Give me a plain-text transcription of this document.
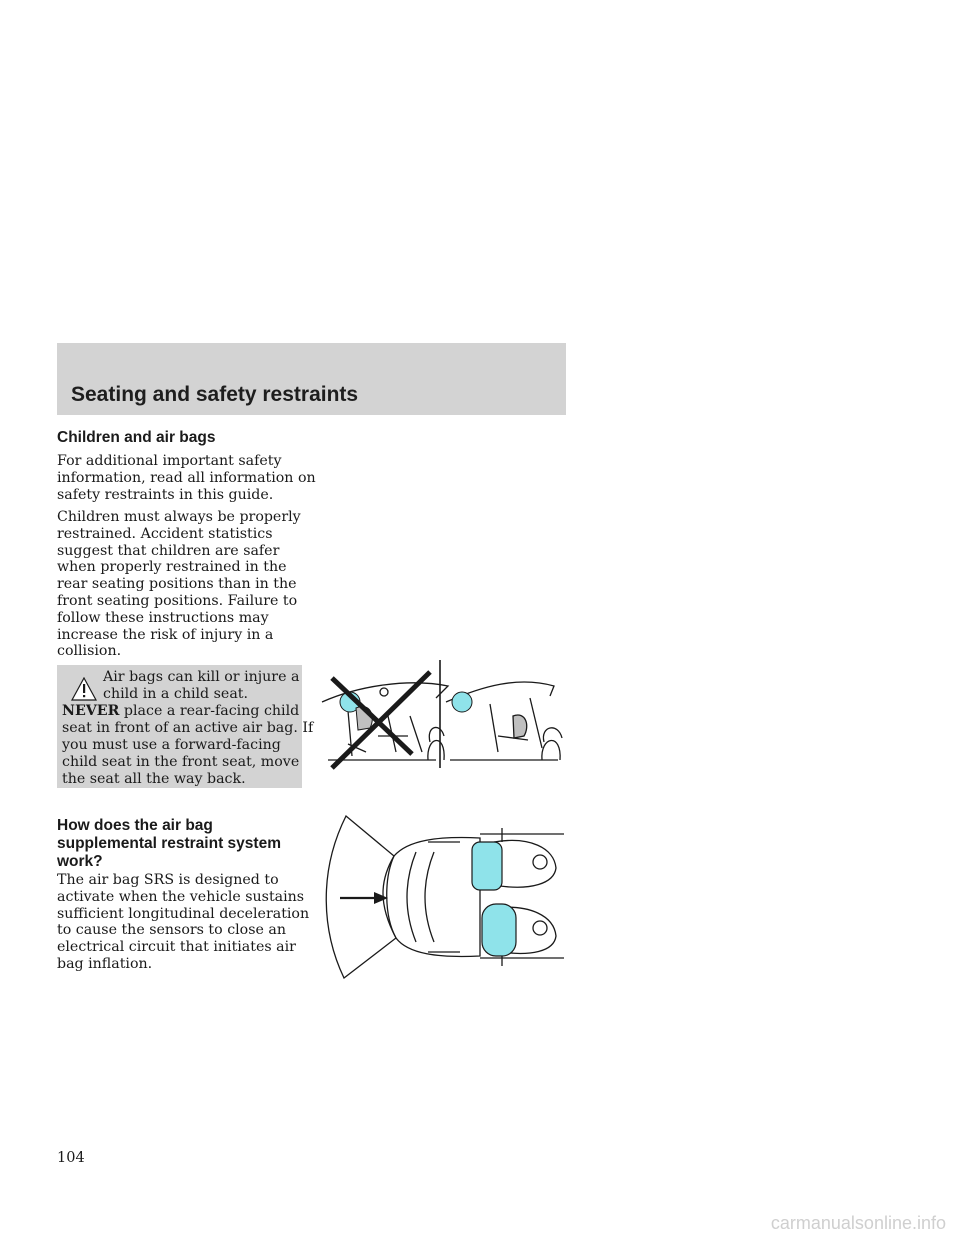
Seating and safety restraints
Children and air bags

For additional important safety
information, read all information on
safety restraints in this guide.

Children must always be properly
restrained. Accident statistics
suggest that children are safer
when properly restrained in the
rear seating positions than in the
front seating positions. Failure to
follow these instructions may
increase the risk of injury in a
collision.

Air bags can kill or injure a
child in a child seat.
NEVER place a rear-facing child
seat in front of an active air bag. If
you must use a forward-facing
child seat in the front seat, move
the seat all the way back.
How does the air bag
supplemental restraint system
work?

The air bag SRS is designed to
activate when the vehicle sustains
sufficient longitudinal deceleration
to cause the sensors to close an
electrical circuit that initiates air
bag inflation.

104

carmanualsonline.info
